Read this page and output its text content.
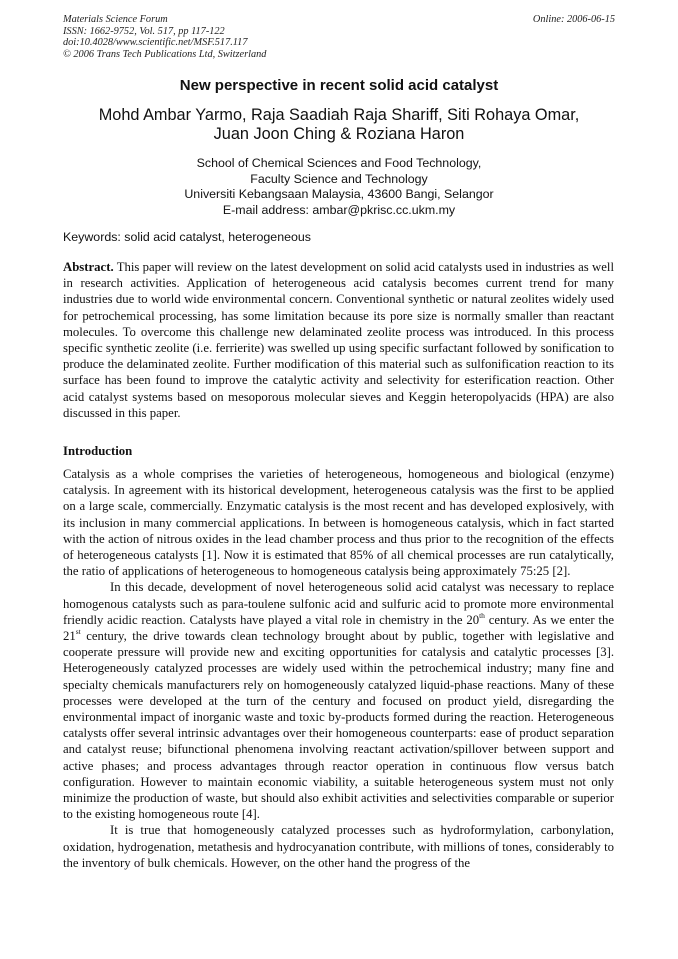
Materials Science Forum
ISSN: 1662-9752, Vol. 517, pp 117-122
doi:10.4028/www.scientific.net/MSF.517.117
© 2006 Trans Tech Publications Ltd, Switzerland
Online: 2006-06-15
New perspective in recent solid acid catalyst
Mohd Ambar Yarmo, Raja Saadiah Raja Shariff, Siti Rohaya Omar,
Juan Joon Ching & Roziana Haron
School of Chemical Sciences and Food Technology,
Faculty Science and Technology
Universiti Kebangsaan Malaysia, 43600 Bangi, Selangor
E-mail address: ambar@pkrisc.cc.ukm.my
Keywords: solid acid catalyst, heterogeneous

Abstract. This paper will review on the latest development on solid acid catalysts used in industries as well in research activities. Application of heterogeneous acid catalysis becomes current trend for many industries due to world wide environmental concern. Conventional synthetic or natural zeolites widely used for petrochemical processing, has some limitation because its pore size is normally smaller than reactant molecules. To overcome this challenge new delaminated zeolite process was introduced. In this process specific synthetic zeolite (i.e. ferrierite) was swelled up using specific surfactant followed by sonification to produce the delaminated zeolite. Further modification of this material such as sulfonification reaction to its surface has been found to improve the catalytic activity and selectivity for esterification reaction. Other acid catalyst systems based on mesoporous molecular sieves and Keggin heteropolyacids (HPA) are also discussed in this paper.

Introduction

Catalysis as a whole comprises the varieties of heterogeneous, homogeneous and biological (enzyme) catalysis. In agreement with its historical development, heterogeneous catalysis was the first to be applied on a large scale, commercially. Enzymatic catalysis is the most recent and has developed explosively, with its inclusion in many commercial applications. In between is homogeneous catalysis, which in fact started with the action of nitrous oxides in the lead chamber process and thus prior to the recognition of the effects of heterogeneous catalysts [1]. Now it is estimated that 85% of all chemical processes are run catalytically, the ratio of applications of heterogeneous to homogeneous catalysis being approximately 75:25 [2].

In this decade, development of novel heterogeneous solid acid catalyst was necessary to replace homogenous catalysts such as para-toulene sulfonic acid and sulfuric acid to promote more environmental friendly acidic reaction. Catalysts have played a vital role in chemistry in the 20th century. As we enter the 21st century, the drive towards clean technology brought about by public, together with legislative and cooperate pressure will provide new and exciting opportunities for catalysis and catalytic processes [3]. Heterogeneously catalyzed processes are widely used within the petrochemical industry; many fine and specialty chemicals manufacturers rely on homogeneously catalyzed liquid-phase reactions. Many of these processes were developed at the turn of the century and focused on product yield, disregarding the environmental impact of inorganic waste and toxic by-products formed during the reaction. Heterogeneous catalysts offer several intrinsic advantages over their homogeneous counterparts: ease of product separation and catalyst reuse; bifunctional phenomena involving reactant activation/spillover between support and active phases; and process advantages through reactor operation in continuous flow versus batch configuration. However to maintain economic viability, a suitable heterogeneous system must not only minimize the production of waste, but should also exhibit activities and selectivities comparable or superior to the existing homogeneous route [4].

It is true that homogeneously catalyzed processes such as hydroformylation, carbonylation, oxidation, hydrogenation, metathesis and hydrocyanation contribute, with millions of tones, considerably to the inventory of bulk chemicals. However, on the other hand the progress of the
